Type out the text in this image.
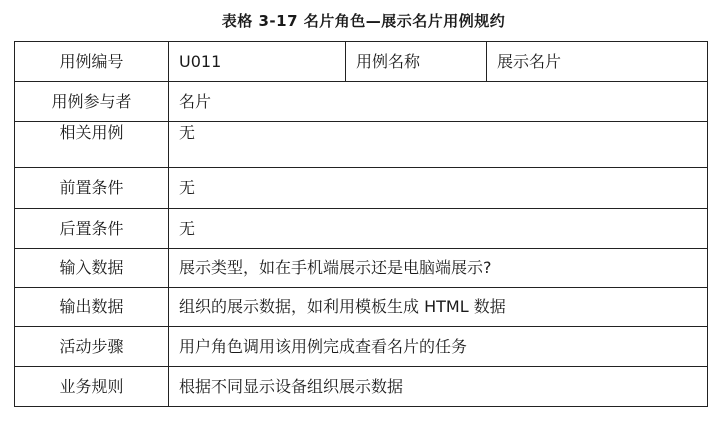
表格 3-17 名片角色—展示名片用例规约
用例编号	U011	用例名称	展示名片
用例参与者	名片		
相关用例	无		
前置条件	无		
后置条件	无		
输入数据	展示类型，如在手机端展示还是电脑端展示?		
输出数据	组织的展示数据，如利用模板生成 HTML 数据		
活动步骤	用户角色调用该用例完成查看名片的任务		
业务规则	根据不同显示设备组织展示数据		
